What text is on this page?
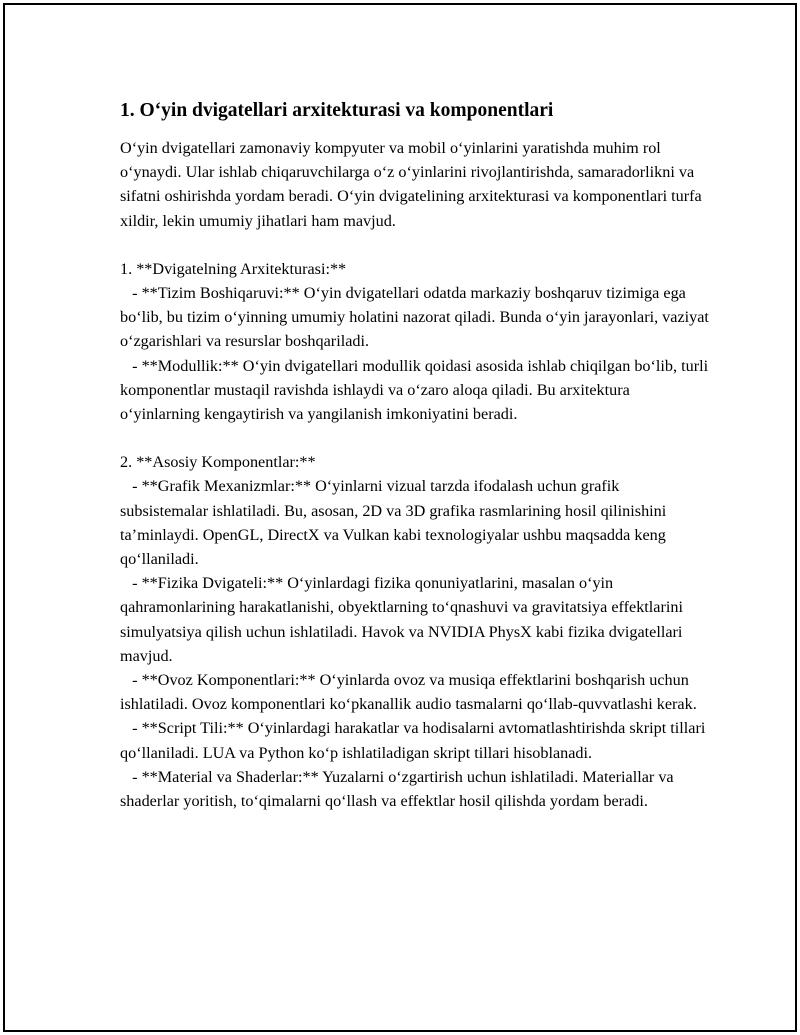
1. O‘yin dvigatellari arxitekturasi va komponentlari

O‘yin dvigatellari zamonaviy kompyuter va mobil o‘yinlarini yaratishda muhim rol o‘ynaydi. Ular ishlab chiqaruvchilarga o‘z o‘yinlarini rivojlantirishda, samaradorlikni va sifatni oshirishda yordam beradi. O‘yin dvigatelining arxitekturasi va komponentlari turfa xildir, lekin umumiy jihatlari ham mavjud.

1. **Dvigatelning Arxitekturasi:**

- **Tizim Boshiqaruvi:** O‘yin dvigatellari odatda markaziy boshqaruv tizimiga ega bo‘lib, bu tizim o‘yinning umumiy holatini nazorat qiladi. Bunda o‘yin jarayonlari, vaziyat o‘zgarishlari va resurslar boshqariladi.

- **Modullik:** O‘yin dvigatellari modullik qoidasi asosida ishlab chiqilgan bo‘lib, turli komponentlar mustaqil ravishda ishlaydi va o‘zaro aloqa qiladi. Bu arxitektura o‘yinlarning kengaytirish va yangilanish imkoniyatini beradi.

2. **Asosiy Komponentlar:**

- **Grafik Mexanizmlar:** O‘yinlarni vizual tarzda ifodalash uchun grafik subsistemalar ishlatiladi. Bu, asosan, 2D va 3D grafika rasmlarining hosil qilinishini ta’minlaydi. OpenGL, DirectX va Vulkan kabi texnologiyalar ushbu maqsadda keng qo‘llaniladi.

- **Fizika Dvigateli:** O‘yinlardagi fizika qonuniyatlarini, masalan o‘yin qahramonlarining harakatlanishi, obyektlarning to‘qnashuvi va gravitatsiya effektlarini simulyatsiya qilish uchun ishlatiladi. Havok va NVIDIA PhysX kabi fizika dvigatellari mavjud.

- **Ovoz Komponentlari:** O‘yinlarda ovoz va musiqa effektlarini boshqarish uchun ishlatiladi. Ovoz komponentlari ko‘pkanallik audio tasmalarni qo‘llab-quvvatlashi kerak.

- **Script Tili:** O‘yinlardagi harakatlar va hodisalarni avtomatlashtirishda skript tillari qo‘llaniladi. LUA va Python ko‘p ishlatiladigan skript tillari hisoblanadi.

- **Material va Shaderlar:** Yuzalarni o‘zgartirish uchun ishlatiladi. Materiallar va shaderlar yoritish, to‘qimalarni qo‘llash va effektlar hosil qilishda yordam beradi.
